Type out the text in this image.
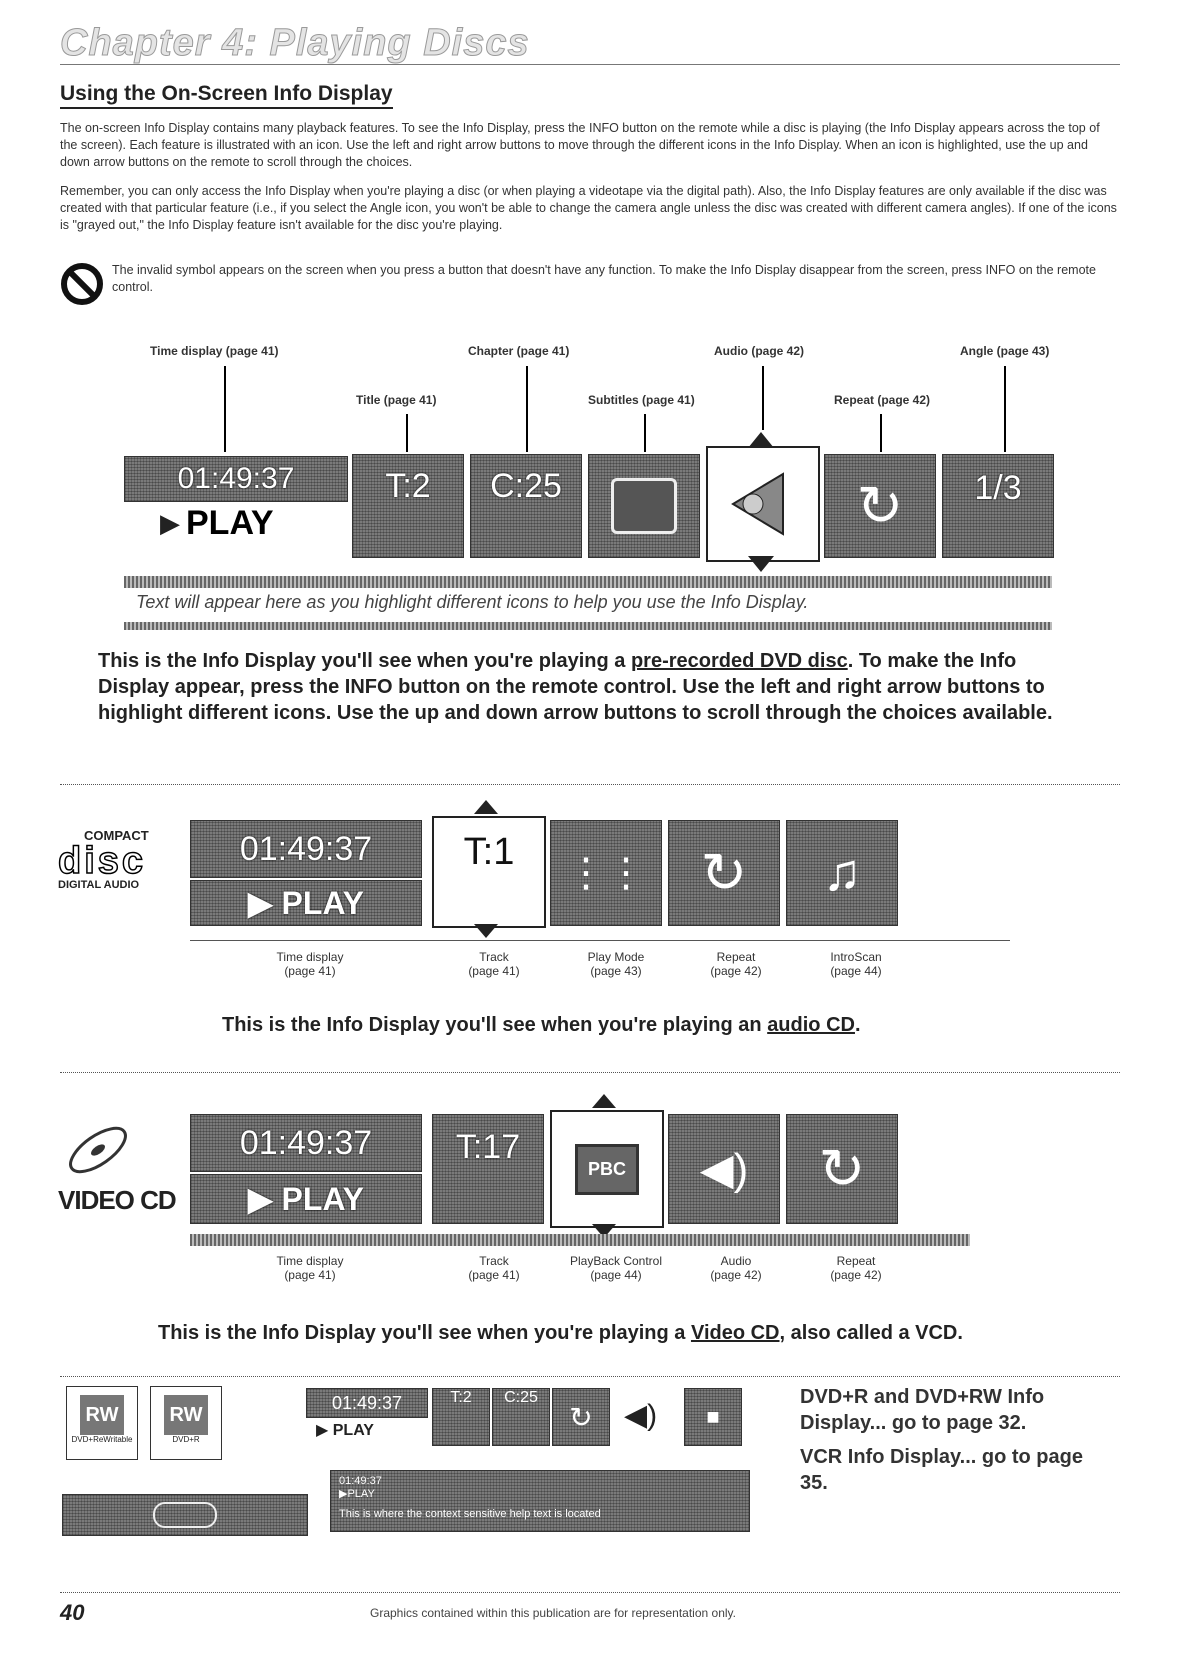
Chapter 4: Playing Discs
Using the On-Screen Info Display

The on-screen Info Display contains many playback features. To see the Info Display, press the INFO button on the remote while a disc is playing (the Info Display appears across the top of the screen). Each feature is illustrated with an icon. Use the left and right arrow buttons to move through the different icons in the Info Display. When an icon is highlighted, use the up and down arrow buttons on the remote to scroll through the choices.

Remember, you can only access the Info Display when you're playing a disc (or when playing a videotape via the digital path). Also, the Info Display features are only available if the disc was created with that particular feature (i.e., if you select the Angle icon, you won't be able to change the camera angle unless the disc was created with different camera angles). If one of the icons is "grayed out," the Info Display feature isn't available for the disc you're playing.

The invalid symbol appears on the screen when you press a button that doesn't have any function. To make the Info Display disappear from the screen, press INFO on the remote control.

Time display (page 41)	Chapter (page 41)	Audio (page 42)	Angle (page 43)
Title (page 41)	Subtitles (page 41)	Repeat (page 42)
01:49:37
▶ PLAY
T:2 C:25	↻ 1/3
Text will appear here as you highlight different icons to help you use the Info Display.
This is the Info Display you'll see when you're playing a pre-recorded DVD disc. To make the Info Display appear, press the INFO button on the remote control. Use the left and right arrow buttons to highlight different icons. Use the up and down arrow buttons to scroll through the choices available.
COMPACT
disc
DIGITAL AUDIO
01:49:37
▶ PLAY
T:1 ⋮⋮ ↻ ♫
Time display
(page 41)
Track
(page 41)
Play Mode
(page 43)
Repeat
(page 42)
IntroScan
(page 44)
This is the Info Display you'll see when you're playing an audio CD.
VIDEO CD
01:49:37
▶ PLAY
T:17
PBC ◀) ↻
Time display
(page 41)
Track
(page 41)
PlayBack Control
(page 44)
Audio
(page 42)
Repeat
(page 42)
This is the Info Display you'll see when you're playing a Video CD, also called a VCD.
RW
DVD+ReWritable
RW
DVD+R
01:49:37
▶ PLAY
T:2 C:25
↻ ◀) ■
01:49:37
▶PLAY
This is where the context sensitive help text is located
DVD+R and DVD+RW Info Display... go to page 32.
VCR Info Display... go to page 35.
40	Graphics contained within this publication are for representation only.
